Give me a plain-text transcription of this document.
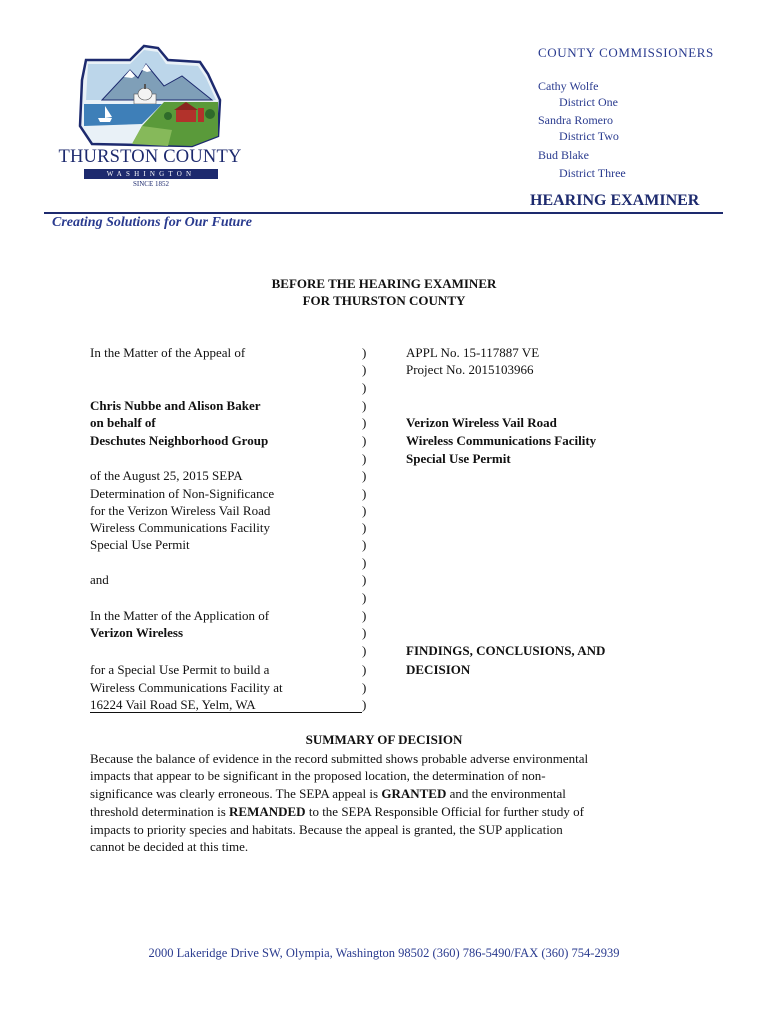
THURSTON COUNTY
WASHINGTON
SINCE 1852
COUNTY COMMISSIONERS
Cathy Wolfe
District One
Sandra Romero
District Two
Bud Blake
District Three
HEARING EXAMINER
Creating Solutions for Our Future
BEFORE THE HEARING EXAMINER
FOR THURSTON COUNTY
In the Matter of the Appeal of
Chris Nubbe and Alison Baker
on behalf of
Deschutes Neighborhood Group
of the August 25, 2015 SEPA
Determination of Non-Significance
for the Verizon Wireless Vail Road
Wireless Communications Facility
Special Use Permit
and
In the Matter of the Application of
Verizon Wireless
for a Special Use Permit to build a
Wireless Communications Facility at
16224 Vail Road SE, Yelm, WA
)
)
)
)
)
)
)
)
)
)
)
)
)
)
)
)
)
)
)
)
)
APPL No. 15-117887 VE
Project No. 2015103966
Verizon Wireless Vail Road
Wireless Communications Facility
Special Use Permit
FINDINGS, CONCLUSIONS, AND
DECISION
SUMMARY OF DECISION
Because the balance of evidence in the record submitted shows probable adverse environmental
impacts that appear to be significant in the proposed location, the determination of non-
significance was clearly erroneous. The SEPA appeal is GRANTED and the environmental
threshold determination is REMANDED to the SEPA Responsible Official for further study of
impacts to priority species and habitats. Because the appeal is granted, the SUP application
cannot be decided at this time.
2000 Lakeridge Drive SW, Olympia, Washington 98502 (360) 786-5490/FAX (360) 754-2939
